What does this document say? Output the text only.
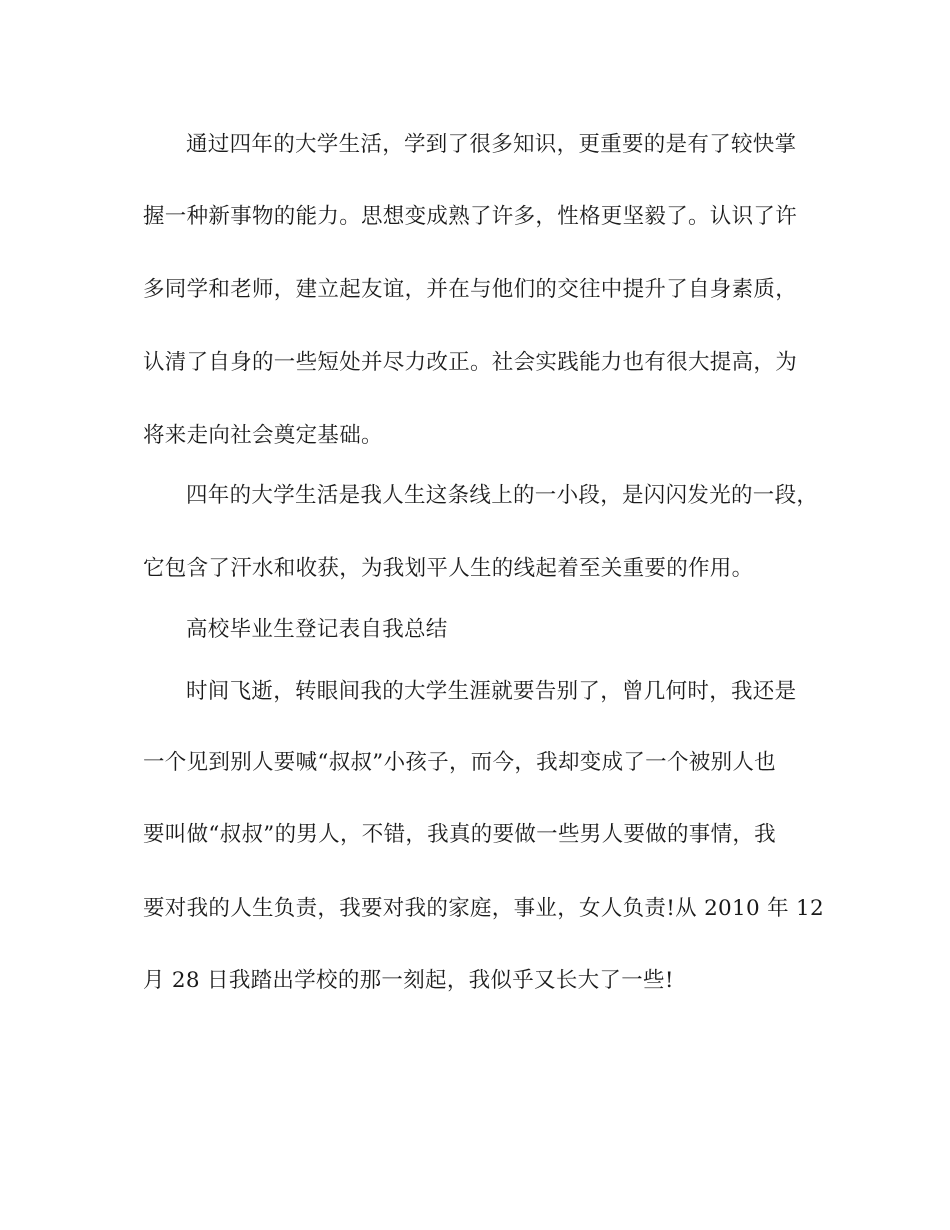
通过四年的大学生活，学到了很多知识，更重要的是有了较快掌
握一种新事物的能力。思想变成熟了许多，性格更坚毅了。认识了许
多同学和老师，建立起友谊，并在与他们的交往中提升了自身素质，
认清了自身的一些短处并尽力改正。社会实践能力也有很大提高，为
将来走向社会奠定基础。
四年的大学生活是我人生这条线上的一小段，是闪闪发光的一段，
它包含了汗水和收获，为我划平人生的线起着至关重要的作用。
高校毕业生登记表自我总结
时间飞逝，转眼间我的大学生涯就要告别了，曾几何时，我还是
一个见到别人要喊“叔叔”小孩子，而今，我却变成了一个被别人也
要叫做“叔叔”的男人，不错，我真的要做一些男人要做的事情，我
要对我的人生负责，我要对我的家庭，事业，女人负责!从 2010 年 12
月 28 日我踏出学校的那一刻起，我似乎又长大了一些!
